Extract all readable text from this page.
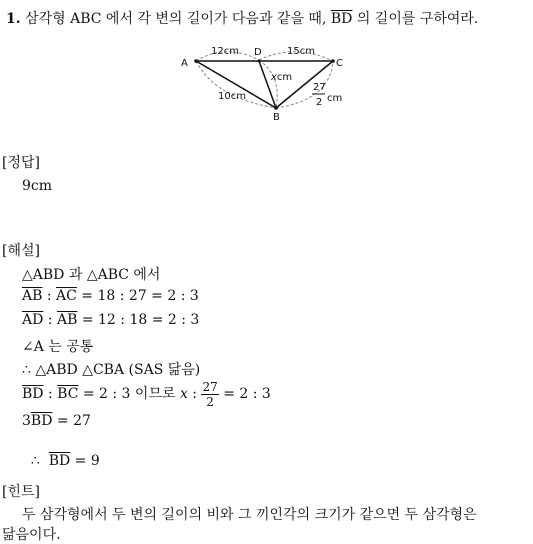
1. 삼각형 ABC 에서 각 변의 길이가 다음과 같을 때, $\overline{BD}$ 의 길이를 구하여라.
A	C
B
D
12cm	15cm
xcm
10cm
27
2 cm
[정답]
9cm
[해설]
△ABD 과 △ABC 에서
$\overline{AB}$ : $\overline{AC} = 18$ : 27 = 2 : 3
$\overline{AD}$ : $\overline{AB} = 12$ : 18 = 2 : 3
∠A 는 공통
∴ △ABD △CBA (SAS 닮음)
$\overline{BD}$ : $\overline{BC} = 2$ : 3 이므로 x : $\frac{27}{2} = 2$ : 3
$3\overline{BD} = 27$

∴  $\overline{BD} = 9$

[힌트]
두 삼각형에서 두 변의 길이의 비와 그 끼인각의 크기가 같으면 두 삼각형은
닮음이다.
